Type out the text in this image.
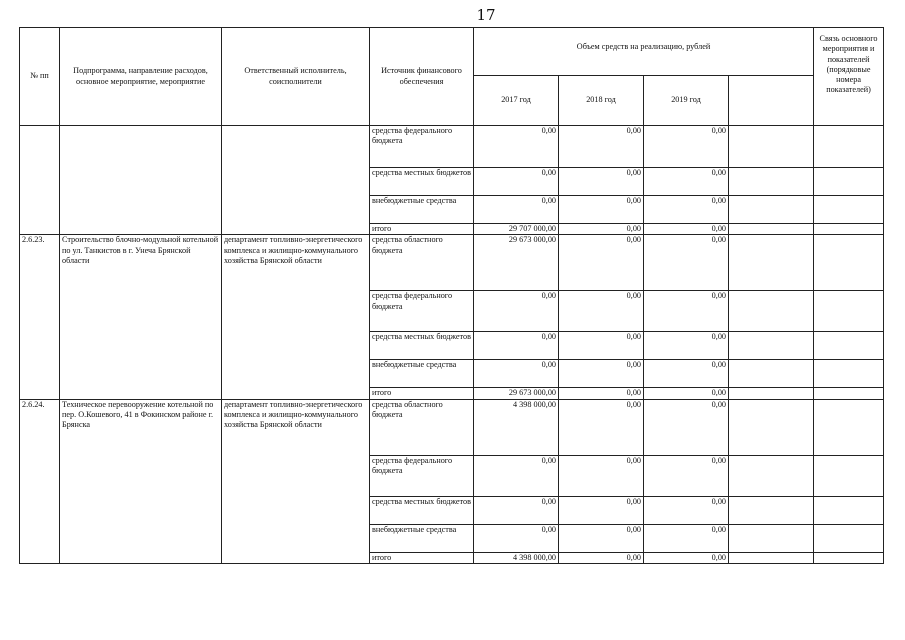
17
№ пп	Подпрограмма, направление расходов, основное мероприятие, мероприятие	Ответственный исполнитель, соисполнители	Источник финансового обеспечения	Объем средств на реализацию, рублей				Связь основного мероприятия и показателей (порядковые номера показателей)
				2017 год	2018 год	2019 год		
			средства федерального бюджета	0,00	0,00	0,00		
			средства местных бюджетов	0,00	0,00	0,00		
			внебюджетные средства	0,00	0,00	0,00		
			итого	29 707 000,00	0,00	0,00		
2.6.23.	Строительство блочно-модульной котельной по ул. Танкистов в г. Унеча Брянской области	департамент топливно-энергетического комплекса и жилищно-коммунального хозяйства Брянской области	средства областного бюджета	29 673 000,00	0,00	0,00		
			средства федерального бюджета	0,00	0,00	0,00		
			средства местных бюджетов	0,00	0,00	0,00		
			внебюджетные средства	0,00	0,00	0,00		
			итого	29 673 000,00	0,00	0,00		
2.6.24.	Техническое перевооружение котельной по пер. О.Кошевого, 41 в Фокинском районе г. Брянска	департамент топливно-энергетического комплекса и жилищно-коммунального хозяйства Брянской области	средства областного бюджета	4 398 000,00	0,00	0,00		
			средства федерального бюджета	0,00	0,00	0,00		
			средства местных бюджетов	0,00	0,00	0,00		
			внебюджетные средства	0,00	0,00	0,00		
			итого	4 398 000,00	0,00	0,00		
